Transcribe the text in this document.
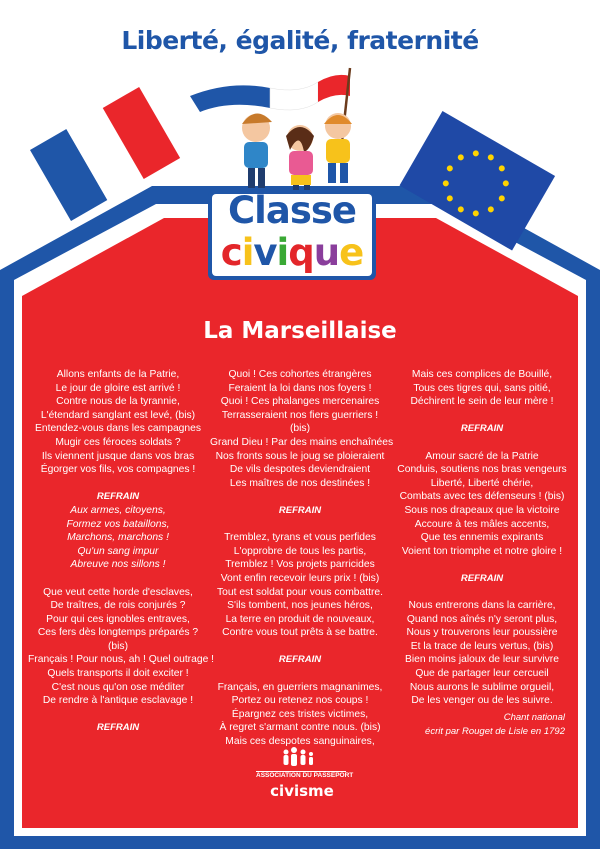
Liberté, égalité, fraternité
Classe
civique
La Marseillaise
Allons enfants de la Patrie,
Le jour de gloire est arrivé !
Contre nous de la tyrannie,
L'étendard sanglant est levé, (bis)
Entendez-vous dans les campagnes
Mugir ces féroces soldats ?
Ils viennent jusque dans vos bras
Égorger vos fils, vos compagnes !
REFRAIN
Aux armes, citoyens,
Formez vos bataillons,
Marchons, marchons !
Qu'un sang impur
Abreuve nos sillons !
Que veut cette horde d'esclaves,
De traîtres, de rois conjurés ?
Pour qui ces ignobles entraves,
Ces fers dès longtemps préparés ?
(bis)
Français ! Pour nous, ah ! Quel outrage !
Quels transports il doit exciter !
C'est nous qu'on ose méditer
De rendre à l'antique esclavage !
REFRAIN
Quoi ! Ces cohortes étrangères
Feraient la loi dans nos foyers !
Quoi ! Ces phalanges mercenaires
Terrasseraient nos fiers guerriers !
(bis)
Grand Dieu ! Par des mains enchaînées
Nos fronts sous le joug se ploieraient
De vils despotes deviendraient
Les maîtres de nos destinées !
REFRAIN
Tremblez, tyrans et vous perfides
L'opprobre de tous les partis,
Tremblez ! Vos projets parricides
Vont enfin recevoir leurs prix ! (bis)
Tout est soldat pour vous combattre.
S'ils tombent, nos jeunes héros,
La terre en produit de nouveaux,
Contre vous tout prêts à se battre.
REFRAIN
Français, en guerriers magnanimes,
Portez ou retenez nos coups !
Épargnez ces tristes victimes,
À regret s'armant contre nous. (bis)
Mais ces despotes sanguinaires,
Mais ces complices de Bouillé,
Tous ces tigres qui, sans pitié,
Déchirent le sein de leur mère !
REFRAIN
Amour sacré de la Patrie
Conduis, soutiens nos bras vengeurs
Liberté, Liberté chérie,
Combats avec tes défenseurs ! (bis)
Sous nos drapeaux que la victoire
Accoure à tes mâles accents,
Que tes ennemis expirants
Voient ton triomphe et notre gloire !
REFRAIN
Nous entrerons dans la carrière,
Quand nos aînés n'y seront plus,
Nous y trouverons leur poussière
Et la trace de leurs vertus, (bis)
Bien moins jaloux de leur survivre
Que de partager leur cercueil
Nous aurons le sublime orgueil,
De les venger ou de les suivre.
Chant national
écrit par Rouget de Lisle en 1792
ASSOCIATION DU PASSEPORT
civisme
